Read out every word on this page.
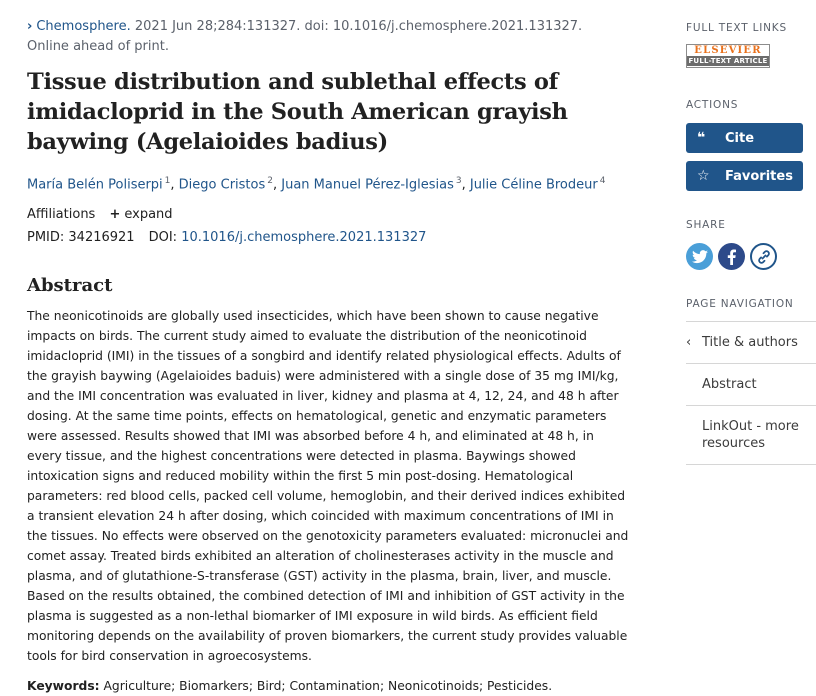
› Chemosphere. 2021 Jun 28;284:131327. doi: 10.1016/j.chemosphere.2021.131327.
Online ahead of print.
Tissue distribution and sublethal effects of imidacloprid in the South American grayish baywing (Agelaioides badius)
María Belén Poliserpi $^1$, Diego Cristos $^2$, Juan Manuel Pérez-Iglesias $^3$, Julie Céline Brodeur $^4$
Affiliations + expand
PMID: 34216921 DOI: 10.1016/j.chemosphere.2021.131327
Abstract
The neonicotinoids are globally used insecticides, which have been shown to cause negative impacts on birds. The current study aimed to evaluate the distribution of the neonicotinoid imidacloprid (IMI) in the tissues of a songbird and identify related physiological effects. Adults of the grayish baywing (Agelaioides baduis) were administered with a single dose of 35 mg IMI/kg, and the IMI concentration was evaluated in liver, kidney and plasma at 4, 12, 24, and 48 h after dosing. At the same time points, effects on hematological, genetic and enzymatic parameters were assessed. Results showed that IMI was absorbed before 4 h, and eliminated at 48 h, in every tissue, and the highest concentrations were detected in plasma. Baywings showed intoxication signs and reduced mobility within the first 5 min post-dosing. Hematological parameters: red blood cells, packed cell volume, hemoglobin, and their derived indices exhibited a transient elevation 24 h after dosing, which coincided with maximum concentrations of IMI in the tissues. No effects were observed on the genotoxicity parameters evaluated: micronuclei and comet assay. Treated birds exhibited an alteration of cholinesterases activity in the muscle and plasma, and of glutathione-S-transferase (GST) activity in the plasma, brain, liver, and muscle. Based on the results obtained, the combined detection of IMI and inhibition of GST activity in the plasma is suggested as a non-lethal biomarker of IMI exposure in wild birds. As efficient field monitoring depends on the availability of proven biomarkers, the current study provides valuable tools for bird conservation in agroecosystems.
Keywords: Agriculture; Biomarkers; Bird; Contamination; Neonicotinoids; Pesticides.
FULL TEXT LINKS
ELSEVIER
FULL-TEXT ARTICLE
ACTIONS
❝ Cite
☆ Favorites
SHARE
PAGE NAVIGATION
‹ Title & authors
Abstract
LinkOut - more resources
